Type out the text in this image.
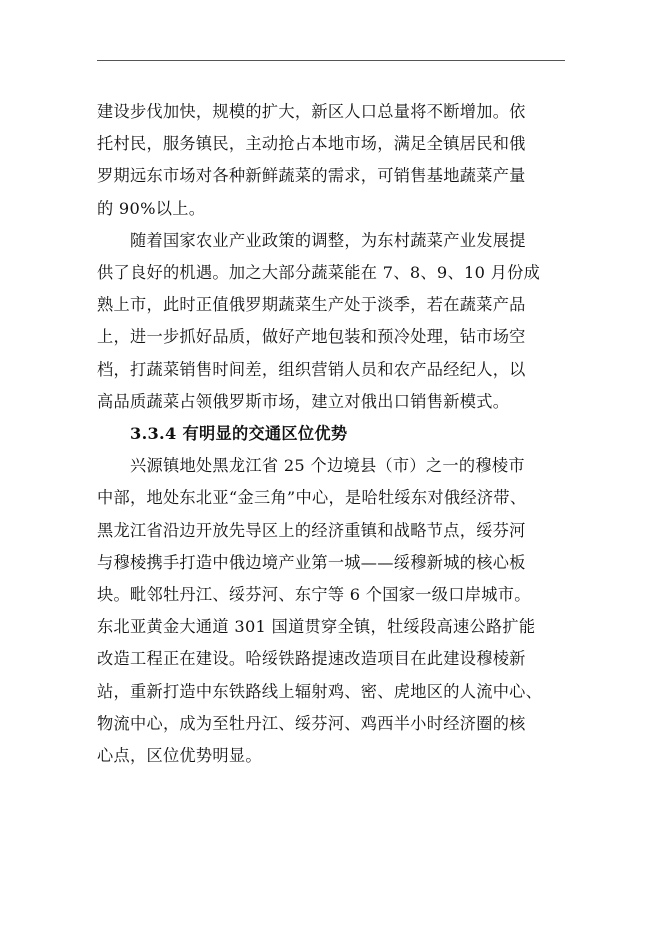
建设步伐加快，规模的扩大，新区人口总量将不断增加。依
托村民，服务镇民，主动抢占本地市场，满足全镇居民和俄
罗期远东市场对各种新鲜蔬菜的需求，可销售基地蔬菜产量
的 90%以上。

随着国家农业产业政策的调整，为东村蔬菜产业发展提
供了良好的机遇。加之大部分蔬菜能在 7、8、9、10 月份成
熟上市，此时正值俄罗期蔬菜生产处于淡季，若在蔬菜产品
上，进一步抓好品质，做好产地包装和预冷处理，钻市场空
档，打蔬菜销售时间差，组织营销人员和农产品经纪人，以
高品质蔬菜占领俄罗斯市场，建立对俄出口销售新模式。

3.3.4 有明显的交通区位优势

兴源镇地处黑龙江省 25 个边境县（市）之一的穆棱市
中部，地处东北亚“金三角”中心，是哈牡绥东对俄经济带、
黑龙江省沿边开放先导区上的经济重镇和战略节点，绥芬河
与穆棱携手打造中俄边境产业第一城——绥穆新城的核心板
块。毗邻牡丹江、绥芬河、东宁等 6 个国家一级口岸城市。
东北亚黄金大通道 301 国道贯穿全镇，牡绥段高速公路扩能
改造工程正在建设。哈绥铁路提速改造项目在此建设穆棱新
站，重新打造中东铁路线上辐射鸡、密、虎地区的人流中心、
物流中心，成为至牡丹江、绥芬河、鸡西半小时经济圈的核
心点，区位优势明显。
